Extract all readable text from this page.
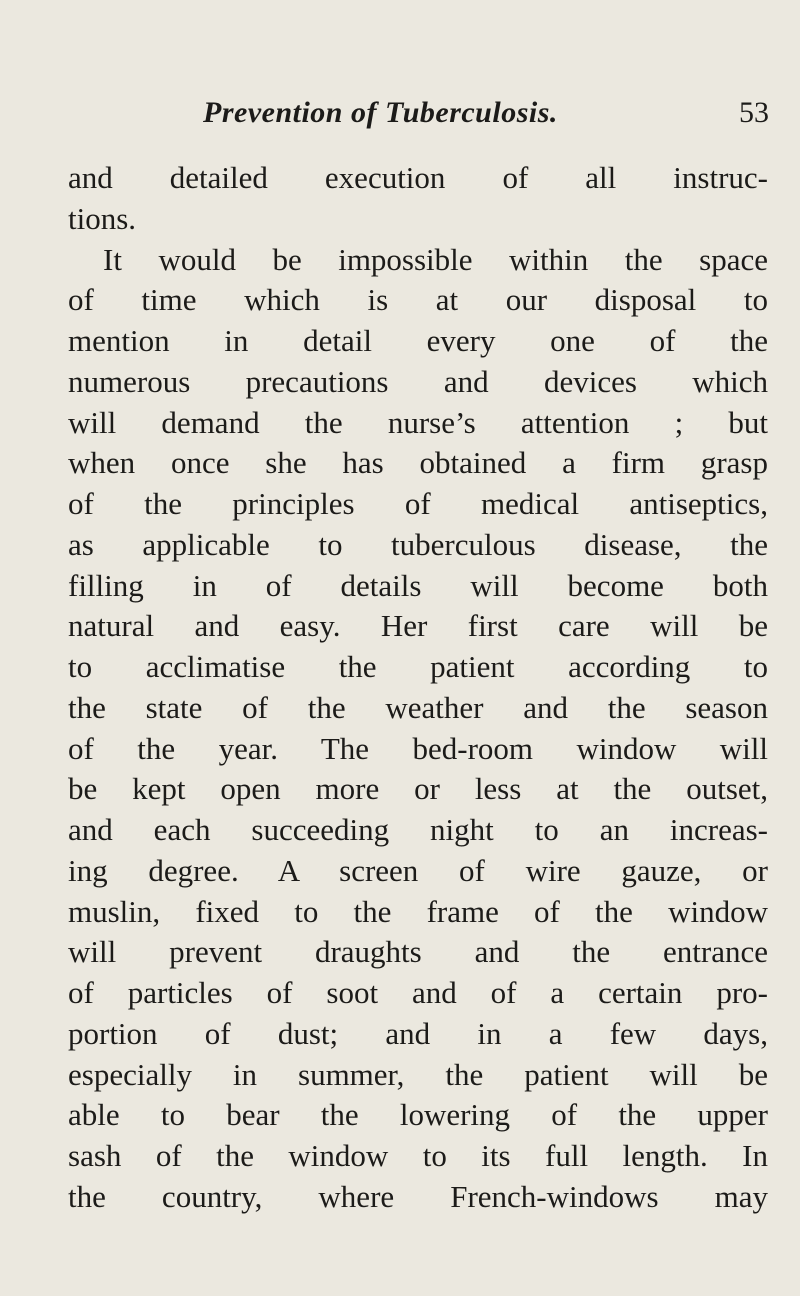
Prevention of Tuberculosis.	53
and detailed execution of all instruc-
tions.
It would be impossible within the space
of time which is at our disposal to
mention in detail every one of the
numerous precautions and devices which
will demand the nurse’s attention ; but
when once she has obtained a firm grasp
of the principles of medical antiseptics,
as applicable to tuberculous disease, the
filling in of details will become both
natural and easy. Her first care will be
to acclimatise the patient according to
the state of the weather and the season
of the year. The bed-room window will
be kept open more or less at the outset,
and each succeeding night to an increas-
ing degree. A screen of wire gauze, or
muslin, fixed to the frame of the window
will prevent draughts and the entrance
of particles of soot and of a certain pro-
portion of dust; and in a few days,
especially in summer, the patient will be
able to bear the lowering of the upper
sash of the window to its full length. In
the country, where French-windows may
